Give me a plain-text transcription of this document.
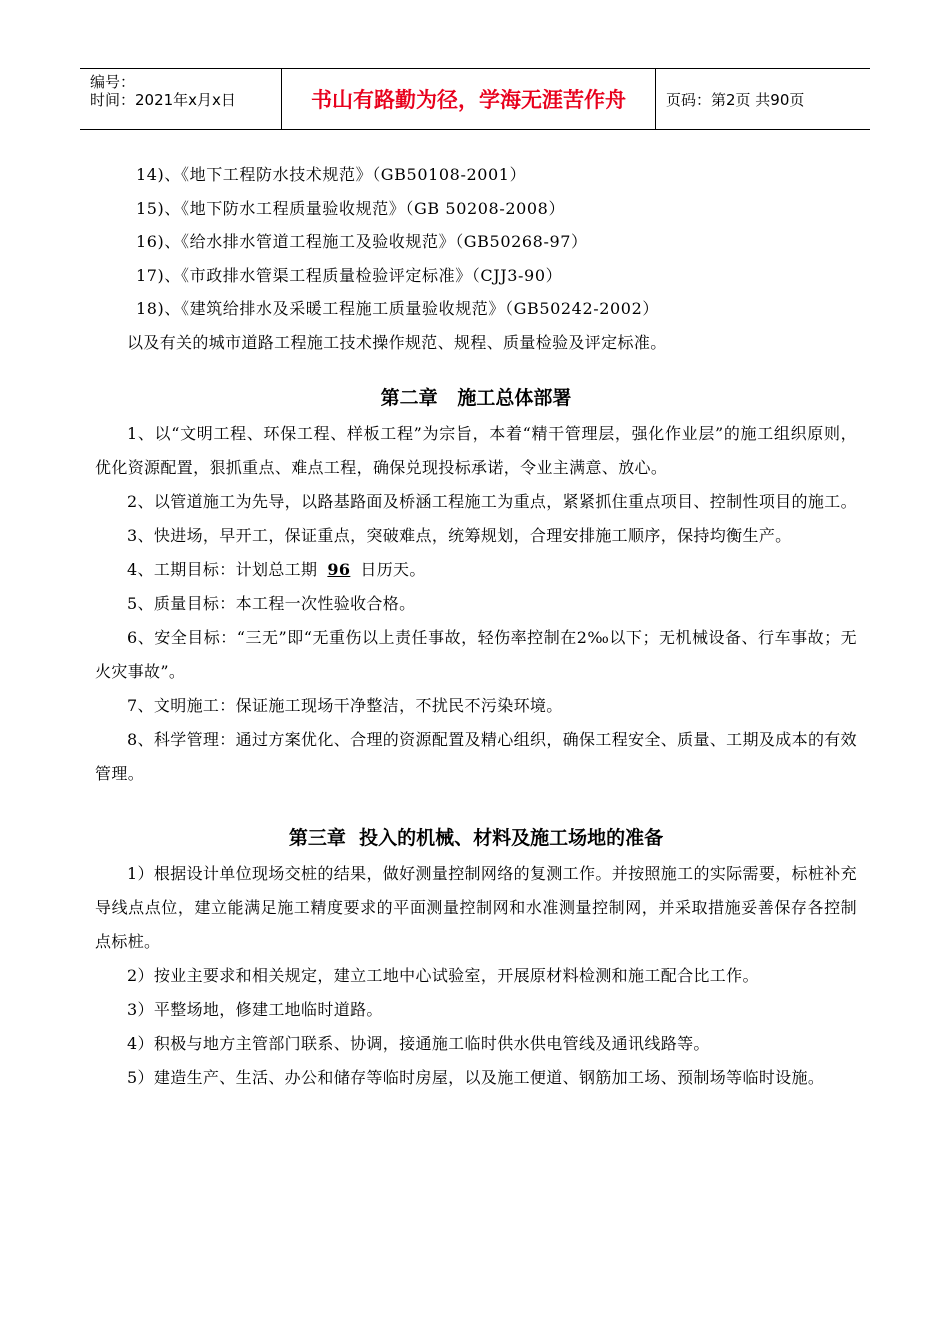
编号：
时间：2021年x月x日	书山有路勤为径，学海无涯苦作舟	页码：第2页 共90页
14)、《地下工程防水技术规范》（GB50108-2001）
15)、《地下防水工程质量验收规范》（GB 50208-2008）
16)、《给水排水管道工程施工及验收规范》（GB50268-97）
17)、《市政排水管渠工程质量检验评定标准》（CJJ3-90）
18)、《建筑给排水及采暖工程施工质量验收规范》（GB50242-2002）

以及有关的城市道路工程施工技术操作规范、规程、质量检验及评定标准。

第二章   施工总体部署

1、以“文明工程、环保工程、样板工程”为宗旨，本着“精干管理层，强化作业层”的施工组织原则，优化资源配置，狠抓重点、难点工程，确保兑现投标承诺，令业主满意、放心。

2、以管道施工为先导，以路基路面及桥涵工程施工为重点，紧紧抓住重点项目、控制性项目的施工。

3、快进场，早开工，保证重点，突破难点，统筹规划，合理安排施工顺序，保持均衡生产。

4、工期目标：计划总工期 96 日历天。

5、质量目标：本工程一次性验收合格。

6、安全目标：“三无”即“无重伤以上责任事故，轻伤率控制在2‰以下；无机械设备、行车事故；无火灾事故”。

7、文明施工：保证施工现场干净整洁，不扰民不污染环境。

8、科学管理：通过方案优化、合理的资源配置及精心组织，确保工程安全、质量、工期及成本的有效管理。

第三章  投入的机械、材料及施工场地的准备

1）根据设计单位现场交桩的结果，做好测量控制网络的复测工作。并按照施工的实际需要，标桩补充导线点点位，建立能满足施工精度要求的平面测量控制网和水准测量控制网，并采取措施妥善保存各控制点标桩。

2）按业主要求和相关规定，建立工地中心试验室，开展原材料检测和施工配合比工作。

3）平整场地，修建工地临时道路。

4）积极与地方主管部门联系、协调，接通施工临时供水供电管线及通讯线路等。

5）建造生产、生活、办公和储存等临时房屋，以及施工便道、钢筋加工场、预制场等临时设施。
